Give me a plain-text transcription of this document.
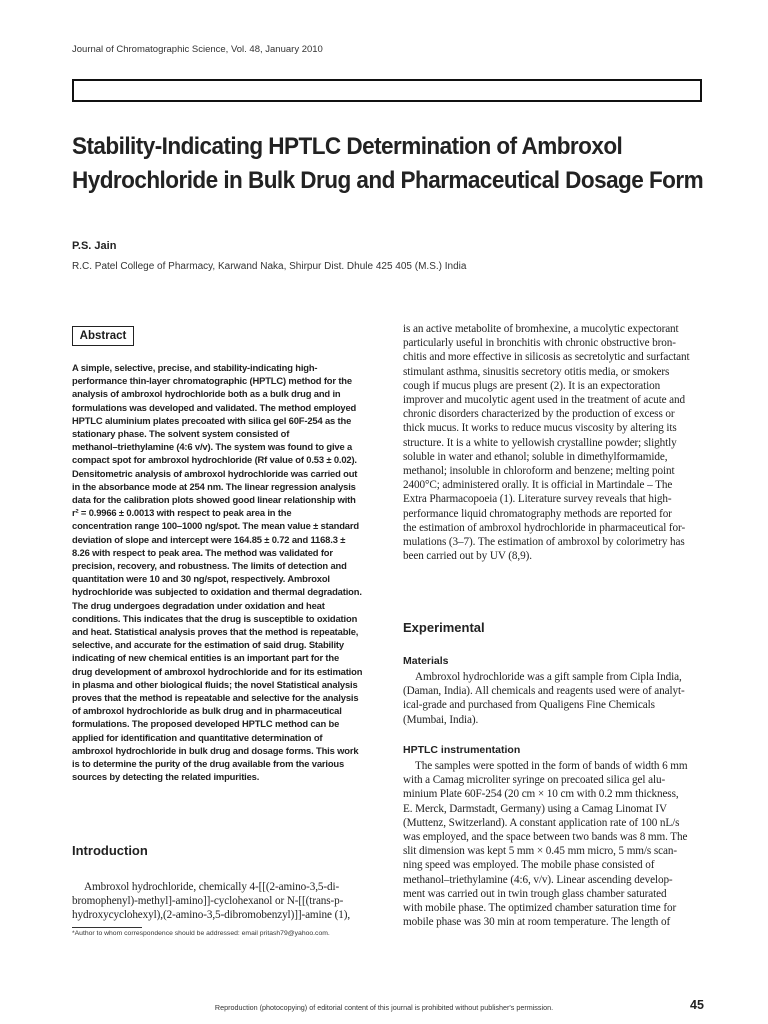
Journal of Chromatographic Science, Vol. 48, January 2010
Stability-Indicating HPTLC Determination of Ambroxol
Hydrochloride in Bulk Drug and Pharmaceutical Dosage Form
P.S. Jain
R.C. Patel College of Pharmacy, Karwand Naka, Shirpur Dist. Dhule 425 405 (M.S.) India
Abstract
A simple, selective, precise, and stability-indicating high-
performance thin-layer chromatographic (HPTLC) method for the
analysis of ambroxol hydrochloride both as a bulk drug and in
formulations was developed and validated. The method employed
HPTLC aluminium plates precoated with silica gel 60F-254 as the
stationary phase. The solvent system consisted of
methanol–triethylamine (4:6 v/v). The system was found to give a
compact spot for ambroxol hydrochloride (Rf value of 0.53 ± 0.02).
Densitometric analysis of ambroxol hydrochloride was carried out
in the absorbance mode at 254 nm. The linear regression analysis
data for the calibration plots showed good linear relationship with
r² = 0.9966 ± 0.0013 with respect to peak area in the
concentration range 100–1000 ng/spot. The mean value ± standard
deviation of slope and intercept were 164.85 ± 0.72 and 1168.3 ±
8.26 with respect to peak area. The method was validated for
precision, recovery, and robustness. The limits of detection and
quantitation were 10 and 30 ng/spot, respectively. Ambroxol
hydrochloride was subjected to oxidation and thermal degradation.
The drug undergoes degradation under oxidation and heat
conditions. This indicates that the drug is susceptible to oxidation
and heat. Statistical analysis proves that the method is repeatable,
selective, and accurate for the estimation of said drug. Stability
indicating of new chemical entities is an important part for the
drug development of ambroxol hydrochloride and for its estimation
in plasma and other biological fluids; the novel Statistical analysis
proves that the method is repeatable and selective for the analysis
of ambroxol hydrochloride as bulk drug and in pharmaceutical
formulations. The proposed developed HPTLC method can be
applied for identification and quantitative determination of
ambroxol hydrochloride in bulk drug and dosage forms. This work
is to determine the purity of the drug available from the various
sources by detecting the related impurities.
Introduction
Ambroxol hydrochloride, chemically 4-[[(2-amino-3,5-di-
bromophenyl)-methyl]-amino]]-cyclohexanol or N-[[(trans-p-
hydroxycyclohexyl),(2-amino-3,5-dibromobenzyl)]]-amine (1),
*Author to whom correspondence should be addressed: email pritash79@yahoo.com.
is an active metabolite of bromhexine, a mucolytic expectorant
particularly useful in bronchitis with chronic obstructive bron-
chitis and more effective in silicosis as secretolytic and surfactant
stimulant asthma, sinusitis secretory otitis media, or smokers
cough if mucus plugs are present (2). It is an expectoration
improver and mucolytic agent used in the treatment of acute and
chronic disorders characterized by the production of excess or
thick mucus. It works to reduce mucus viscosity by altering its
structure. It is a white to yellowish crystalline powder; slightly
soluble in water and ethanol; soluble in dimethylformamide,
methanol; insoluble in chloroform and benzene; melting point
2400°C; administered orally. It is official in Martindale – The
Extra Pharmacopoeia (1). Literature survey reveals that high-
performance liquid chromatography methods are reported for
the estimation of ambroxol hydrochloride in pharmaceutical for-
mulations (3–7). The estimation of ambroxol by colorimetry has
been carried out by UV (8,9).
Experimental
Materials
Ambroxol hydrochloride was a gift sample from Cipla India,
(Daman, India). All chemicals and reagents used were of analyt-
ical-grade and purchased from Qualigens Fine Chemicals
(Mumbai, India).
HPTLC instrumentation
The samples were spotted in the form of bands of width 6 mm
with a Camag microliter syringe on precoated silica gel alu-
minium Plate 60F-254 (20 cm × 10 cm with 0.2 mm thickness,
E. Merck, Darmstadt, Germany) using a Camag Linomat IV
(Muttenz, Switzerland). A constant application rate of 100 nL/s
was employed, and the space between two bands was 8 mm. The
slit dimension was kept 5 mm × 0.45 mm micro, 5 mm/s scan-
ning speed was employed. The mobile phase consisted of
methanol–triethylamine (4:6, v/v). Linear ascending develop-
ment was carried out in twin trough glass chamber saturated
with mobile phase. The optimized chamber saturation time for
mobile phase was 30 min at room temperature. The length of
Reproduction (photocopying) of editorial content of this journal is prohibited without publisher's permission.	45
